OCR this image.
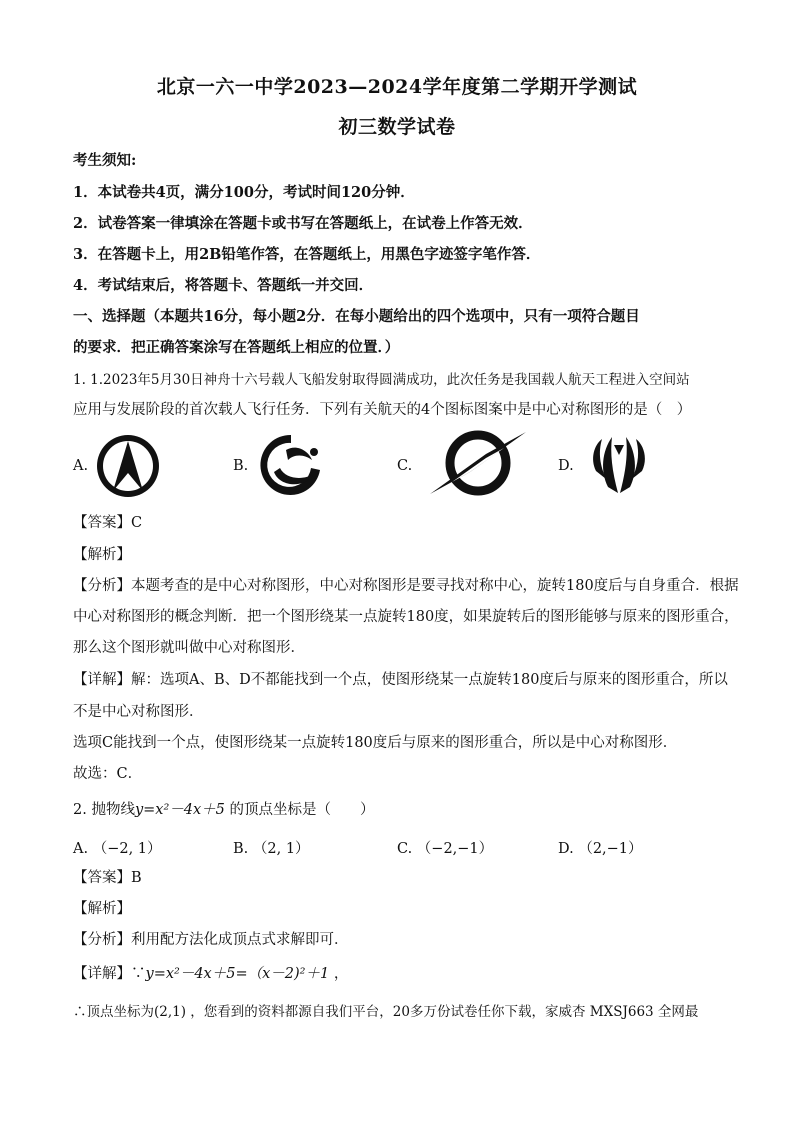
北京一六一中学2023—2024学年度第二学期开学测试
初三数学试卷
考生须知:
1．本试卷共4页，满分100分，考试时间120分钟．
2．试卷答案一律填涂在答题卡或书写在答题纸上，在试卷上作答无效．
3．在答题卡上，用2B铅笔作答，在答题纸上，用黑色字迹签字笔作答．
4．考试结束后，将答题卡、答题纸一并交回．
一、选择题（本题共16分，每小题2分．在每小题给出的四个选项中，只有一项符合题目
的要求．把正确答案涂写在答题纸上相应的位置．）
1. 1.2023年5月30日神舟十六号载人飞船发射取得圆满成功，此次任务是我国载人航天工程进入空间站
应用与发展阶段的首次载人飞行任务．下列有关航天的4个图标图案中是中心对称图形的是（　）
A.	B.	C.	D.
【答案】C
【解析】
【分析】本题考查的是中心对称图形，中心对称图形是要寻找对称中心，旋转180度后与自身重合．根据
中心对称图形的概念判断．把一个图形绕某一点旋转180度，如果旋转后的图形能够与原来的图形重合，
那么这个图形就叫做中心对称图形．
【详解】解：选项A、B、D不都能找到一个点，使图形绕某一点旋转180度后与原来的图形重合，所以
不是中心对称图形．
选项C能找到一个点，使图形绕某一点旋转180度后与原来的图形重合，所以是中心对称图形．
故选：C．
2. 抛物线y=x²－4x＋5 的顶点坐标是（　　）
A. （−2, 1）	B. （2, 1）	C. （−2,−1）	D. （2,−1）
【答案】B
【解析】
【分析】利用配方法化成顶点式求解即可．
【详解】∵y=x²－4x＋5=（x－2)²＋1 ，
∴顶点坐标为(2,1) ，您看到的资料都源自我们平台，20多万份试卷任你下载，家威杏 MXSJ663 全网最
